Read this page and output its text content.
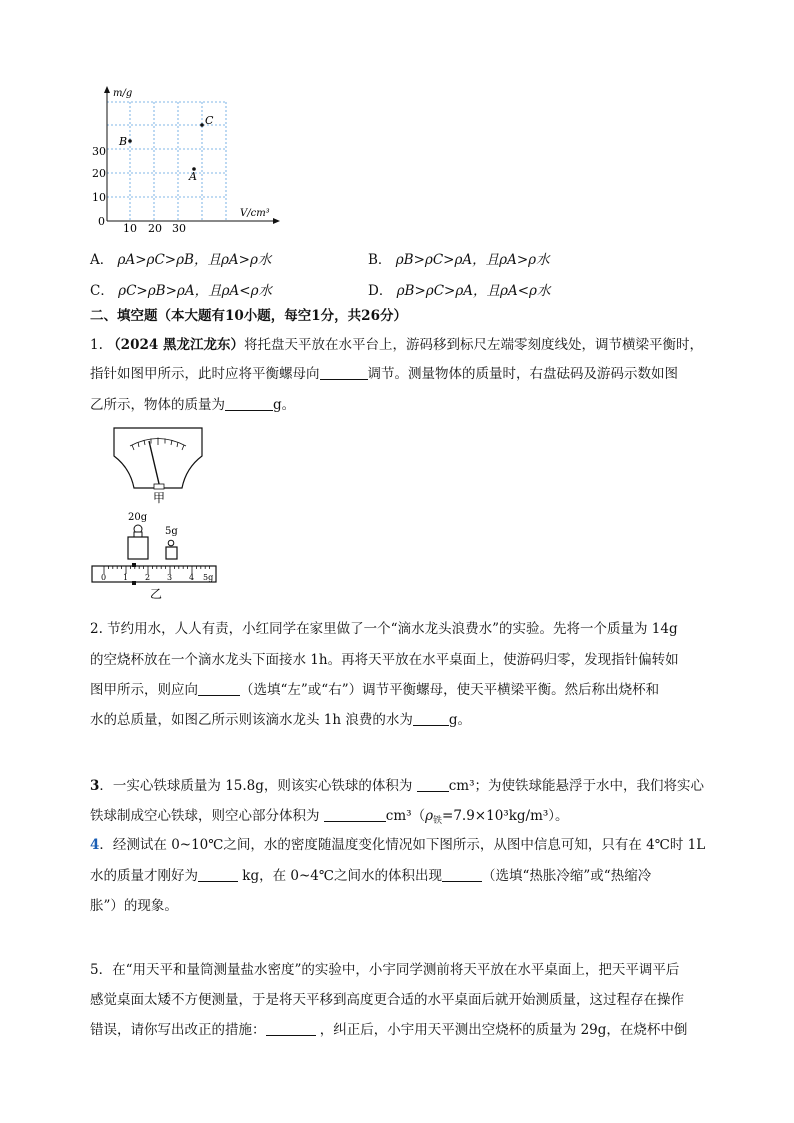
m/g
V/cm³
30
20
10
0
10 20 30
B
C
A
A． ρA>ρC>ρB，且ρA>ρ水	B． ρB>ρC>ρA，且ρA>ρ水
C． ρC>ρB>ρA，且ρA<ρ水	D． ρB>ρC>ρA，且ρA<ρ水
二、填空题（本大题有10小题，每空1分，共26分）
1. （2024 黑龙江龙东）将托盘天平放在水平台上，游码移到标尺左端零刻度线处，调节横梁平衡时，
指针如图甲所示，此时应将平衡螺母向	调节。测量物体的质量时，右盘砝码及游码示数如图
乙所示，物体的质量为	g。
甲
20g
5g
0 1 2 3 4 5g
乙
2. 节约用水，人人有责，小红同学在家里做了一个“滴水龙头浪费水”的实验。先将一个质量为 14g
的空烧杯放在一个滴水龙头下面接水 1h。再将天平放在水平桌面上，使游码归零，发现指针偏转如
图甲所示，则应向	（选填“左”或“右”）调节平衡螺母，使天平横梁平衡。然后称出烧杯和
水的总质量，如图乙所示则该滴水龙头 1h 浪费的水为	g。
3．一实心铁球质量为 15.8g，则该实心铁球的体积为 cm³；为使铁球能悬浮于水中，我们将实心
铁球制成空心铁球，则空心部分体积为	$cm^3(\rho_铁=7.9\times 10^3kg/m^3)$。
4．经测试在 0~10℃之间，水的密度随温度变化情况如下图所示，从图中信息可知，只有在 4℃时 1L
水的质量才刚好为	kg，在 0~4℃之间水的体积出现	（选填“热胀冷缩”或“热缩冷
胀”）的现象。
5．在“用天平和量筒测量盐水密度”的实验中，小宇同学测前将天平放在水平桌面上，把天平调平后
感觉桌面太矮不方便测量，于是将天平移到高度更合适的水平桌面后就开始测质量，这过程存在操作
错误，请你写出改正的措施：	，纠正后，小宇用天平测出空烧杯的质量为 29g，在烧杯中倒
